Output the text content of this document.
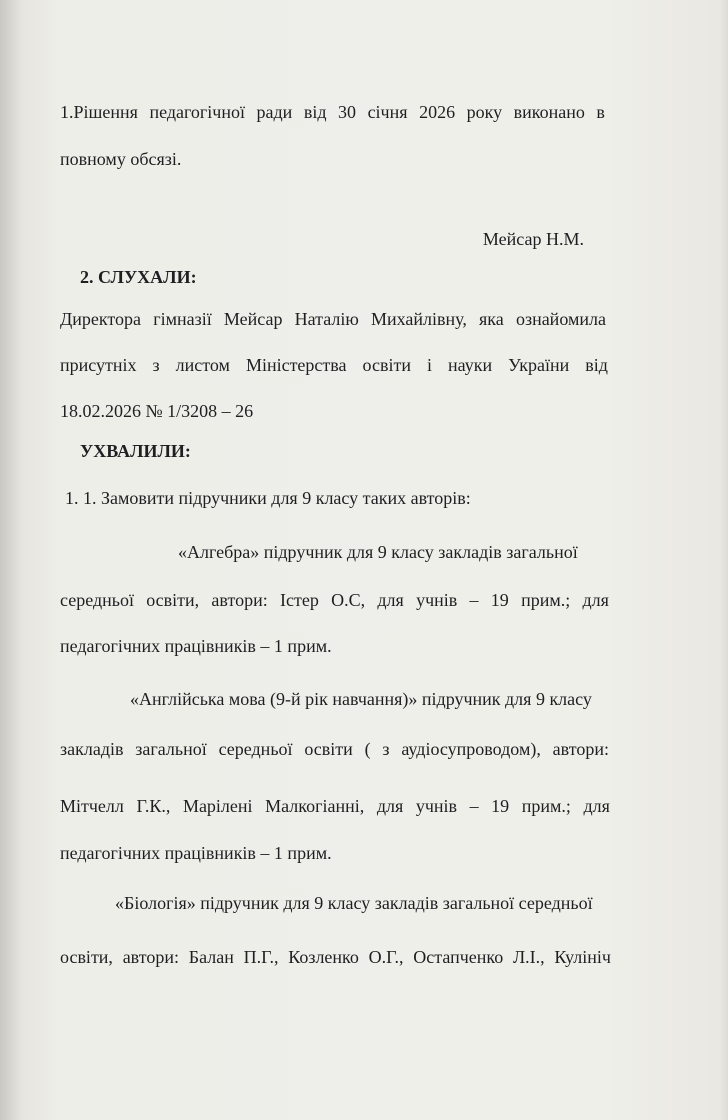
1.Рішення педагогічної ради від 30 січня 2026 року виконано в

повному обсязі.

Мейсар Н.М.

2. СЛУХАЛИ:

Директора гімназії Мейсар Наталію Михайлівну, яка ознайомила
присутніх з листом Міністерства освіти і науки України від

18.02.2026 № 1/3208 – 26

УХВАЛИЛИ:

1. 1. Замовити підручники для 9 класу таких авторів:

«Алгебра» підручник для 9 класу закладів загальної

середньої освіти, автори: Істер О.С, для учнів – 19 прим.; для

педагогічних працівників – 1 прим.

«Англійська мова (9-й рік навчання)» підручник для 9 класу

закладів загальної середньої освіти ( з аудіосупроводом), автори:
Мітчелл Г.К., Марілені Малкогіанні, для учнів – 19 прим.; для

педагогічних працівників – 1 прим.

«Біологія» підручник для 9 класу закладів загальної середньої

освіти, автори: Балан П.Г., Козленко О.Г., Остапченко Л.І., Кулініч
